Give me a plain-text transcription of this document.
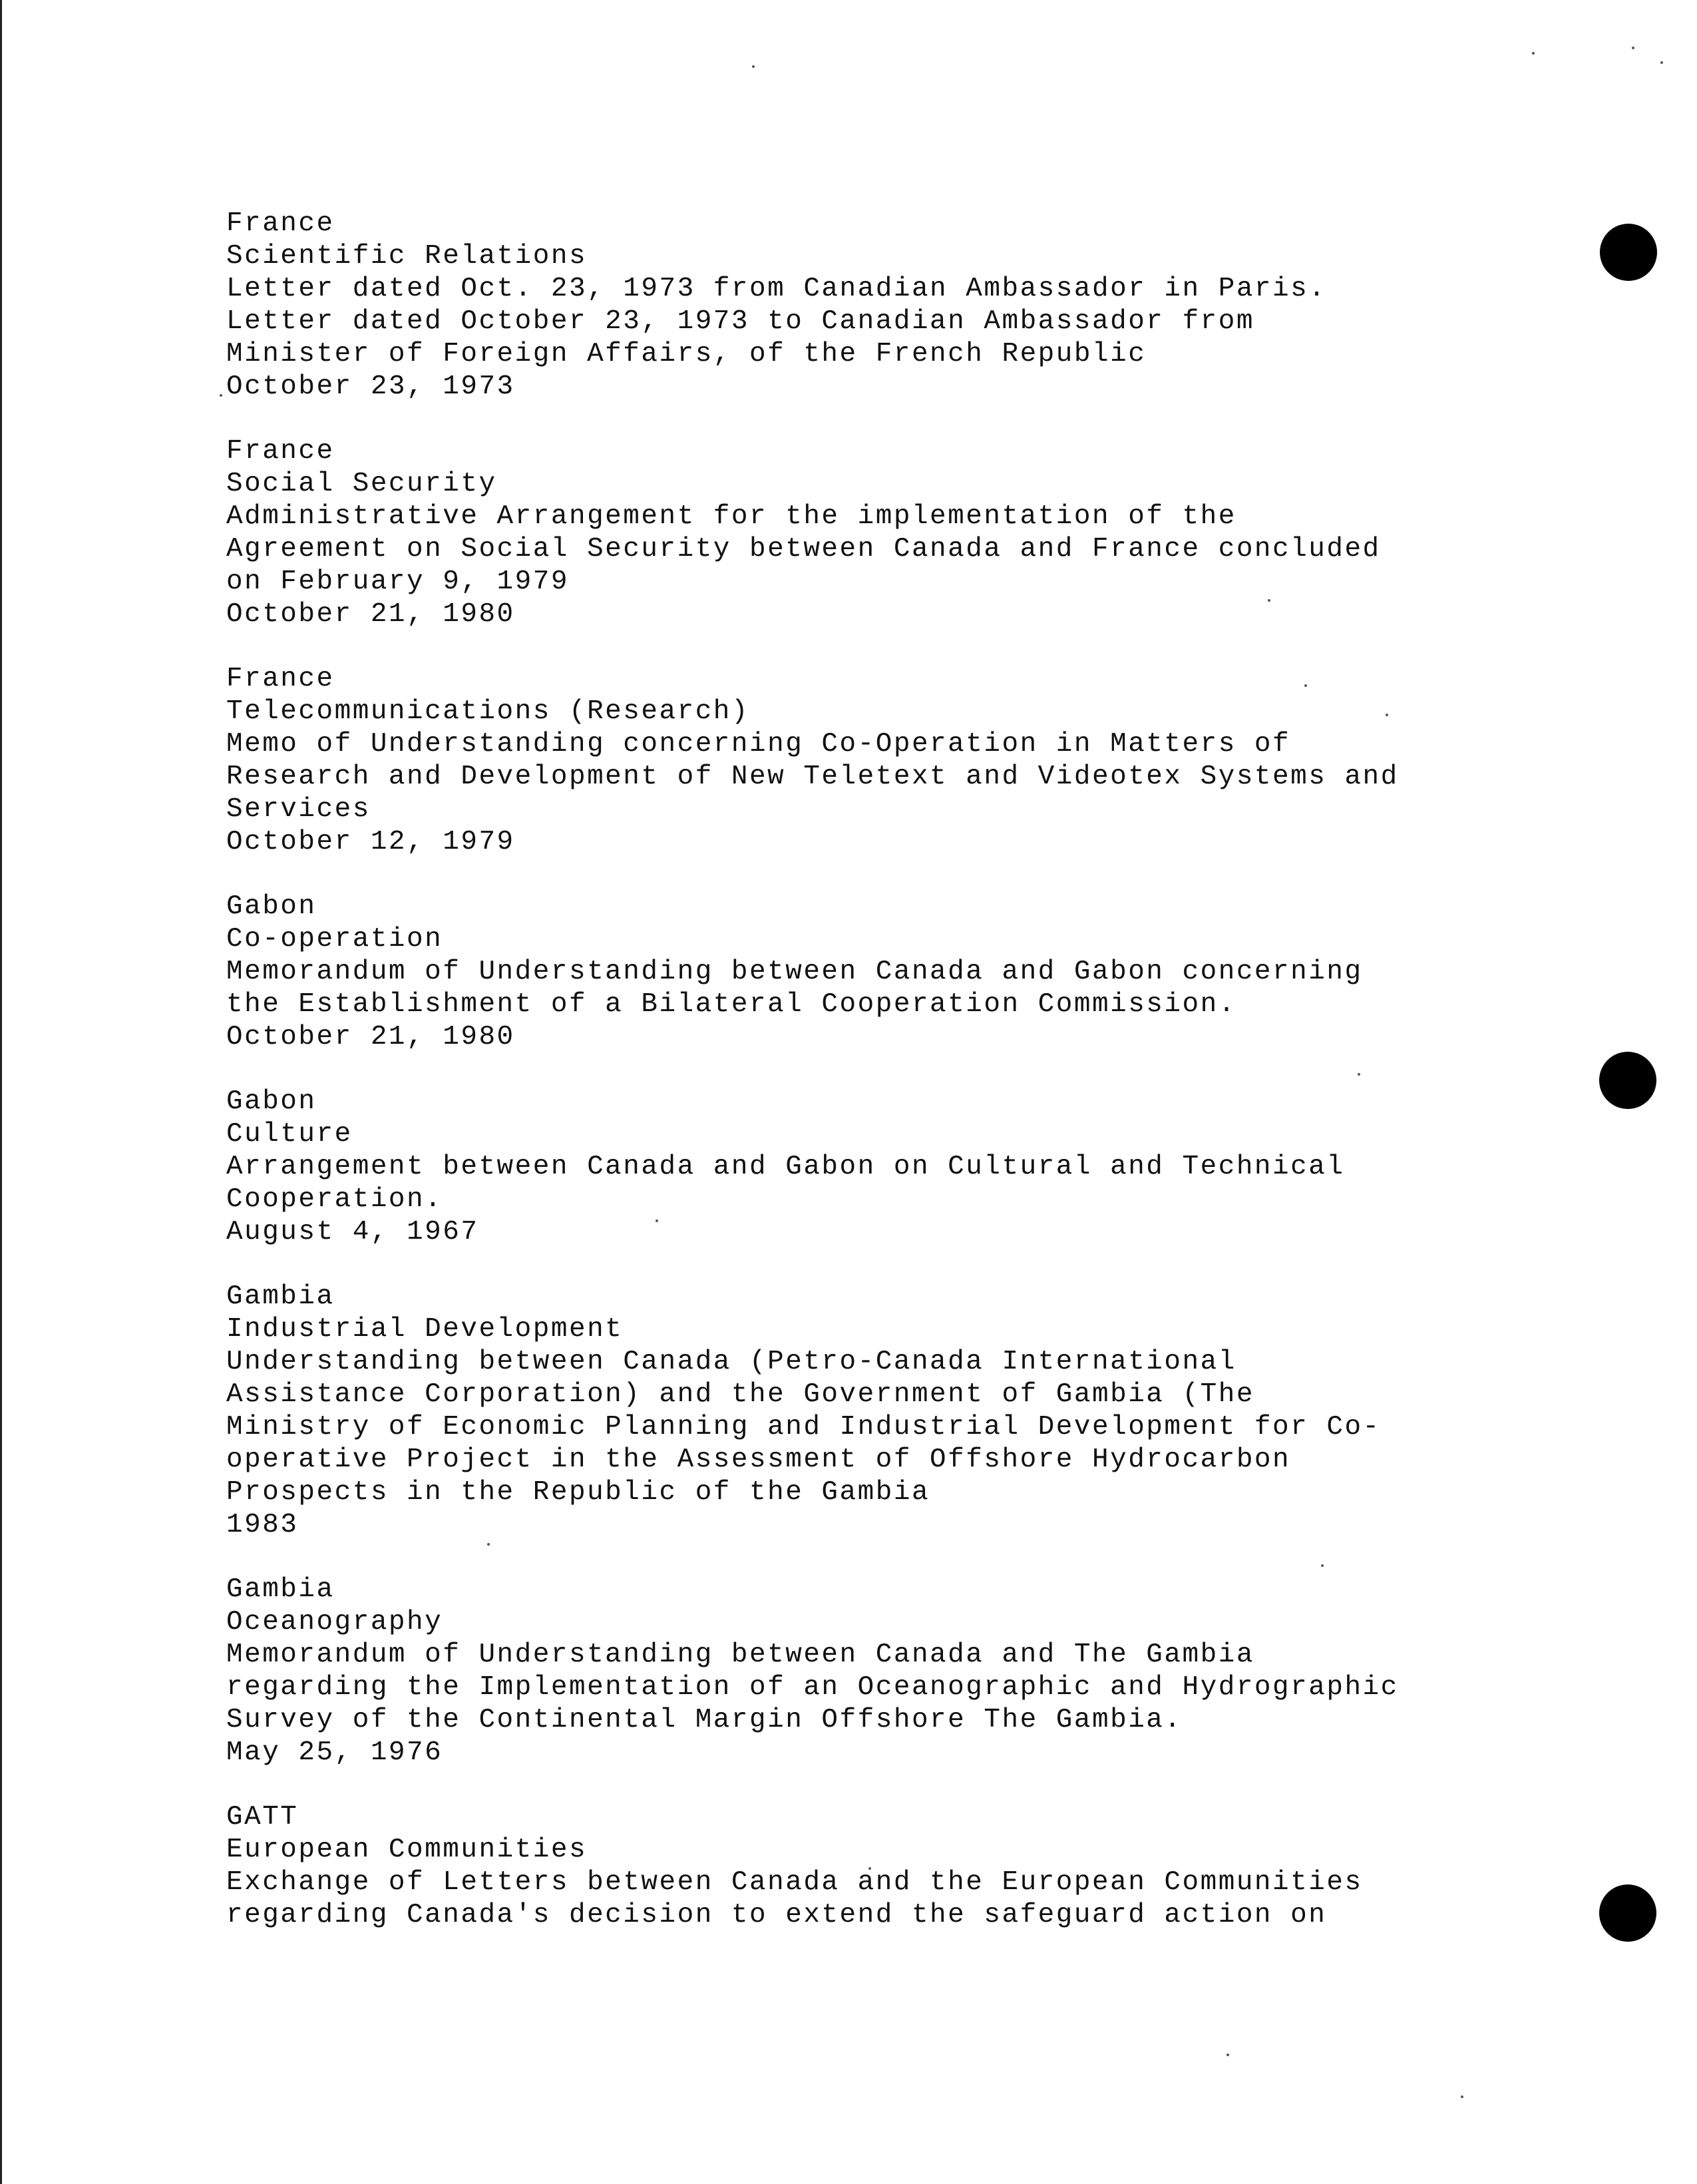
France
Scientific Relations
Letter dated Oct. 23, 1973 from Canadian Ambassador in Paris.
Letter dated October 23, 1973 to Canadian Ambassador from
Minister of Foreign Affairs, of the French Republic
October 23, 1973
France
Social Security
Administrative Arrangement for the implementation of the
Agreement on Social Security between Canada and France concluded
on February 9, 1979
October 21, 1980
France
Telecommunications (Research)
Memo of Understanding concerning Co-Operation in Matters of
Research and Development of New Teletext and Videotex Systems and
Services
October 12, 1979
Gabon
Co-operation
Memorandum of Understanding between Canada and Gabon concerning
the Establishment of a Bilateral Cooperation Commission.
October 21, 1980
Gabon
Culture
Arrangement between Canada and Gabon on Cultural and Technical
Cooperation.
August 4, 1967
Gambia
Industrial Development
Understanding between Canada (Petro-Canada International
Assistance Corporation) and the Government of Gambia (The
Ministry of Economic Planning and Industrial Development for Co-
operative Project in the Assessment of Offshore Hydrocarbon
Prospects in the Republic of the Gambia
1983
Gambia
Oceanography
Memorandum of Understanding between Canada and The Gambia
regarding the Implementation of an Oceanographic and Hydrographic
Survey of the Continental Margin Offshore The Gambia.
May 25, 1976
GATT
European Communities
Exchange of Letters between Canada and the European Communities
regarding Canada's decision to extend the safeguard action on
